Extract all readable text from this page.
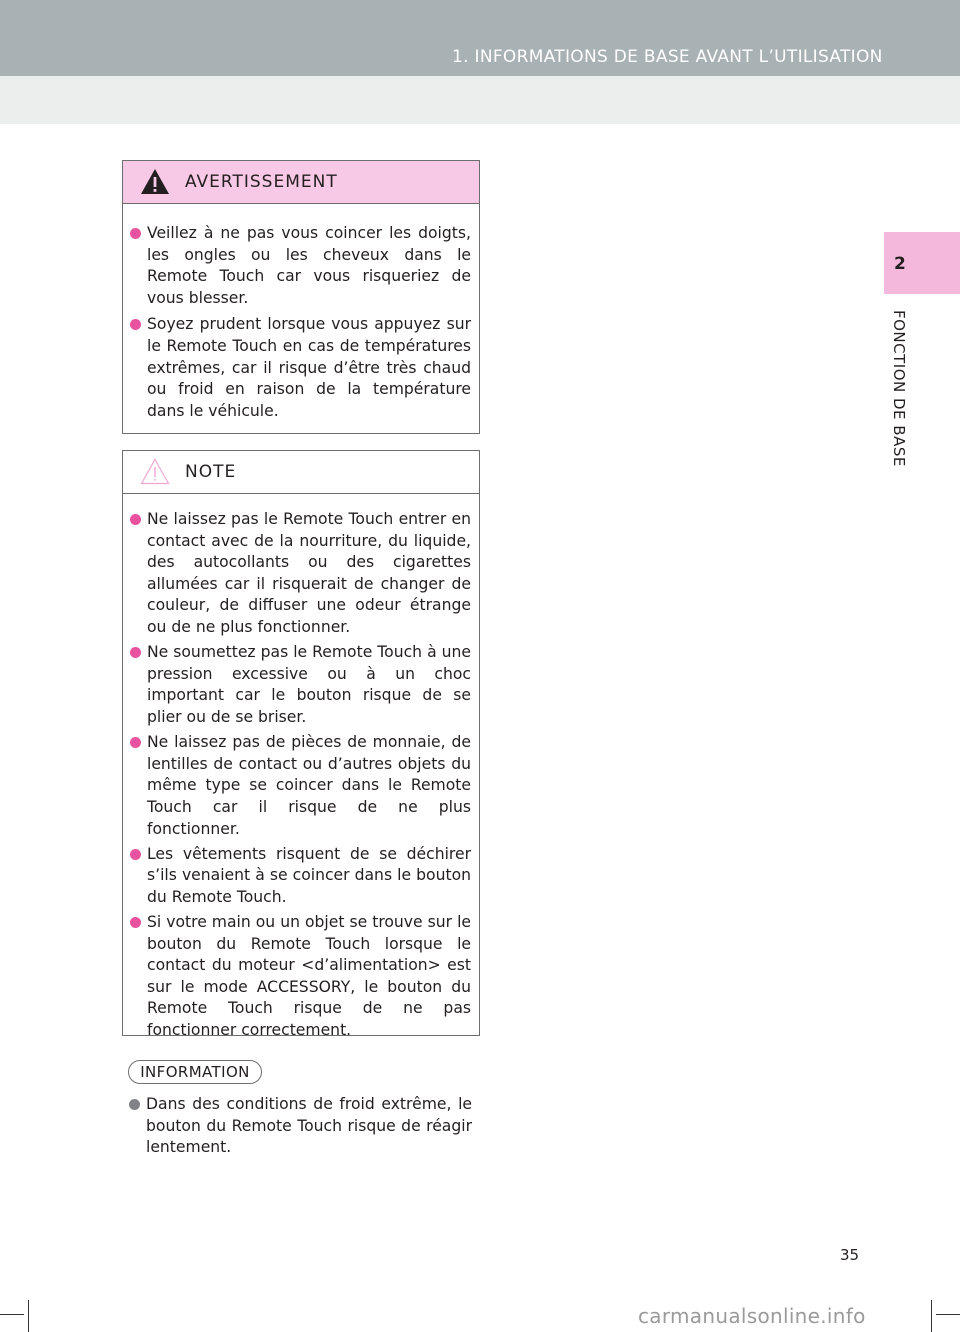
1. INFORMATIONS DE BASE AVANT L’UTILISATION
2
FONCTION DE BASE
AVERTISSEMENT
Veillez à ne pas vous coincer les doigts, les ongles ou les cheveux dans le Remote Touch car vous risqueriez de vous blesser.
Soyez prudent lorsque vous appuyez sur le Remote Touch en cas de températures extrêmes, car il risque d’être très chaud ou froid en raison de la température dans le véhicule.
NOTE
Ne laissez pas le Remote Touch entrer en contact avec de la nourriture, du liquide, des autocollants ou des cigarettes allumées car il risquerait de changer de couleur, de diffuser une odeur étrange ou de ne plus fonctionner.
Ne soumettez pas le Remote Touch à une pression excessive ou à un choc important car le bouton risque de se plier ou de se briser.
Ne laissez pas de pièces de monnaie, de lentilles de contact ou d’autres objets du même type se coincer dans le Remote Touch car il risque de ne plus fonctionner.
Les vêtements risquent de se déchirer s’ils venaient à se coincer dans le bouton du Remote Touch.
Si votre main ou un objet se trouve sur le bouton du Remote Touch lorsque le contact du moteur <d’alimentation> est sur le mode ACCESSORY, le bouton du Remote Touch risque de ne pas fonctionner correctement.
INFORMATION
Dans des conditions de froid extrême, le bouton du Remote Touch risque de réagir lentement.
35
carmanualsonline.info
